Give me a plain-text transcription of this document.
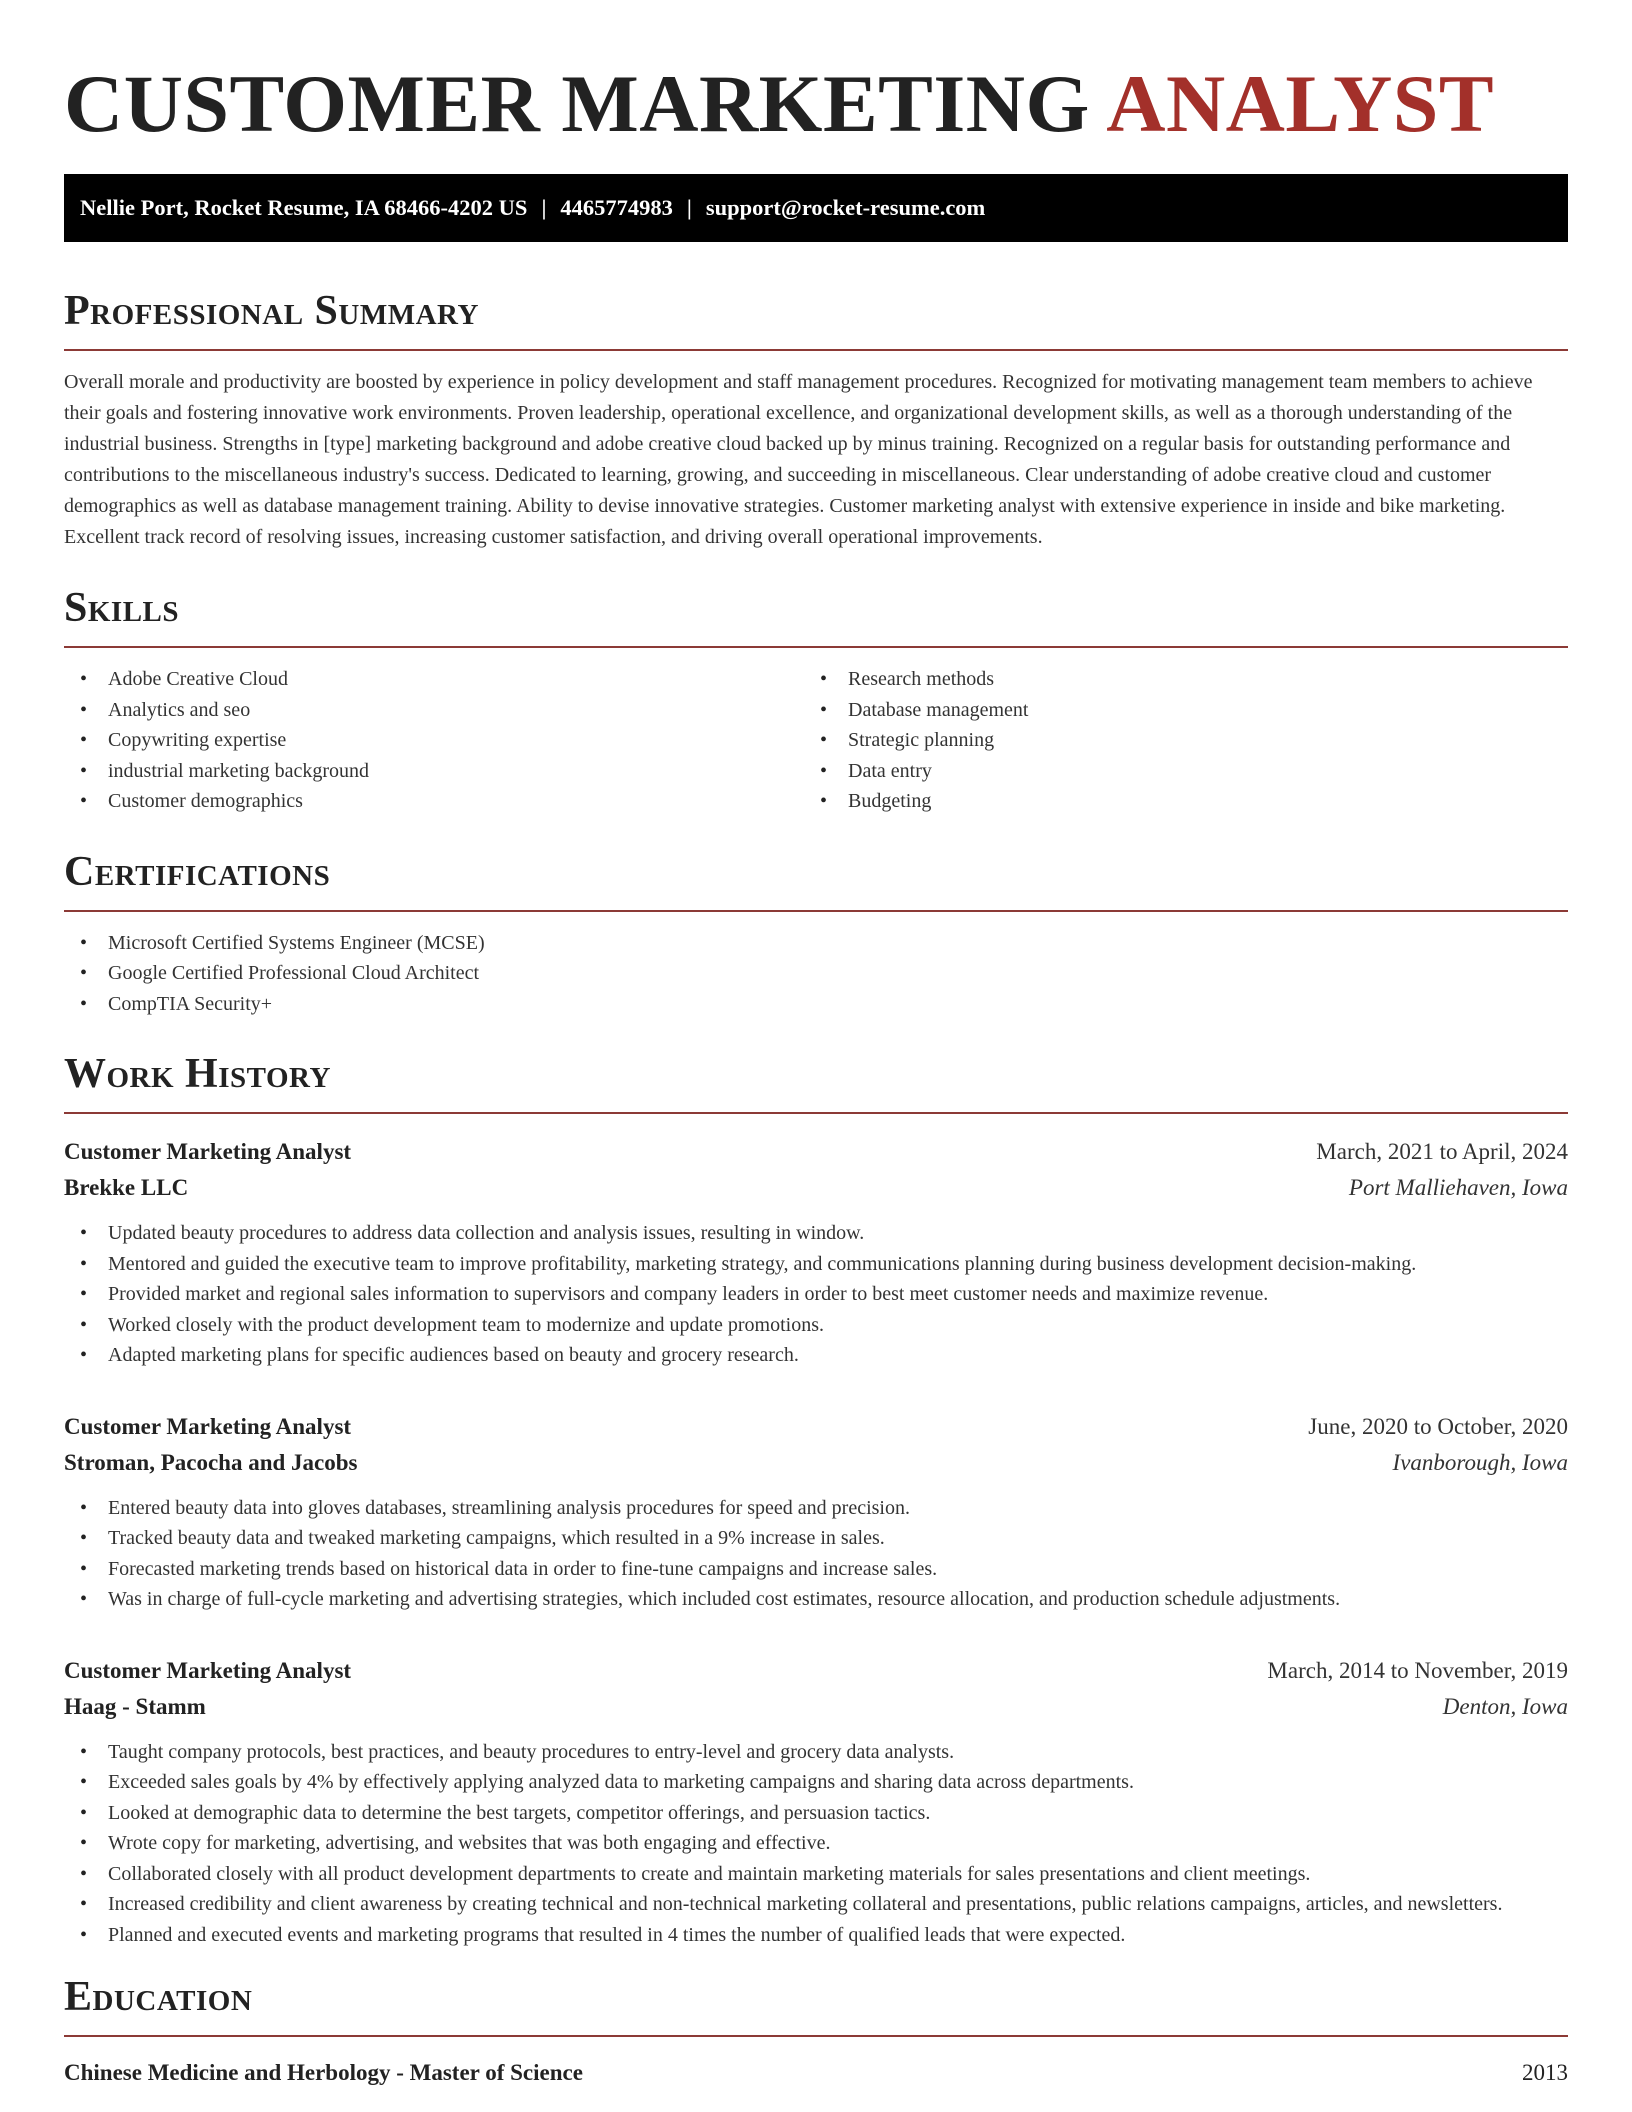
CUSTOMER MARKETING ANALYST
Nellie Port, Rocket Resume, IA 68466-4202 US | 4465774983 | support@rocket-resume.com
Professional Summary

Overall morale and productivity are boosted by experience in policy development and staff management procedures. Recognized for motivating management team members to achieve their goals and fostering innovative work environments. Proven leadership, operational excellence, and organizational development skills, as well as a thorough understanding of the industrial business. Strengths in [type] marketing background and adobe creative cloud backed up by minus training. Recognized on a regular basis for outstanding performance and contributions to the miscellaneous industry's success. Dedicated to learning, growing, and succeeding in miscellaneous. Clear understanding of adobe creative cloud and customer demographics as well as database management training. Ability to devise innovative strategies. Customer marketing analyst with extensive experience in inside and bike marketing. Excellent track record of resolving issues, increasing customer satisfaction, and driving overall operational improvements.

Skills
• Adobe Creative Cloud
• Analytics and seo
• Copywriting expertise
• industrial marketing background
• Customer demographics
• Research methods
• Database management
• Strategic planning
• Data entry
• Budgeting
Certifications
• Microsoft Certified Systems Engineer (MCSE)
• Google Certified Professional Cloud Architect
• CompTIA Security+
Work History
Customer Marketing Analyst	March, 2021 to April, 2024
Brekke LLC	Port Malliehaven, Iowa
• Updated beauty procedures to address data collection and analysis issues, resulting in window.
• Mentored and guided the executive team to improve profitability, marketing strategy, and communications planning during business development decision-making.
• Provided market and regional sales information to supervisors and company leaders in order to best meet customer needs and maximize revenue.
• Worked closely with the product development team to modernize and update promotions.
• Adapted marketing plans for specific audiences based on beauty and grocery research.
Customer Marketing Analyst	June, 2020 to October, 2020
Stroman, Pacocha and Jacobs	Ivanborough, Iowa
• Entered beauty data into gloves databases, streamlining analysis procedures for speed and precision.
• Tracked beauty data and tweaked marketing campaigns, which resulted in a 9% increase in sales.
• Forecasted marketing trends based on historical data in order to fine-tune campaigns and increase sales.
• Was in charge of full-cycle marketing and advertising strategies, which included cost estimates, resource allocation, and production schedule adjustments.
Customer Marketing Analyst	March, 2014 to November, 2019
Haag - Stamm	Denton, Iowa
• Taught company protocols, best practices, and beauty procedures to entry-level and grocery data analysts.
• Exceeded sales goals by 4% by effectively applying analyzed data to marketing campaigns and sharing data across departments.
• Looked at demographic data to determine the best targets, competitor offerings, and persuasion tactics.
• Wrote copy for marketing, advertising, and websites that was both engaging and effective.
• Collaborated closely with all product development departments to create and maintain marketing materials for sales presentations and client meetings.
• Increased credibility and client awareness by creating technical and non-technical marketing collateral and presentations, public relations campaigns, articles, and newsletters.
• Planned and executed events and marketing programs that resulted in 4 times the number of qualified leads that were expected.
Education
Chinese Medicine and Herbology - Master of Science	2013
